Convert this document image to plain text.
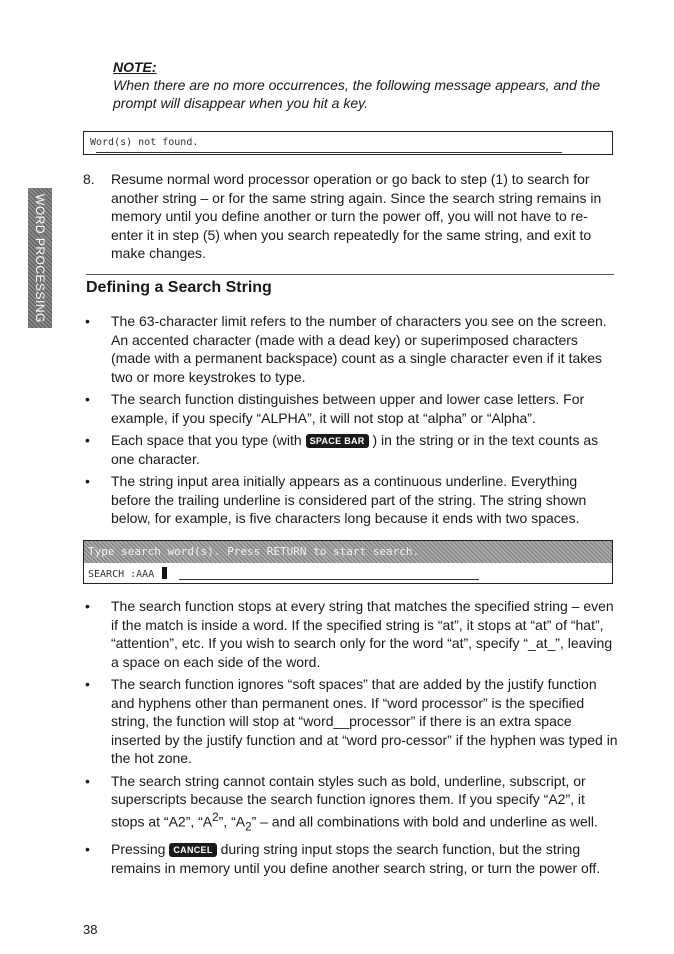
WORD PROCESSING
NOTE:
When there are no more occurrences, the following message appears, and the prompt will disappear when you hit a key.
Word(s) not found.
8. Resume normal word processor operation or go back to step (1) to search for another string – or for the same string again. Since the search string remains in memory until you define another or turn the power off, you will not have to re-enter it in step (5) when you search repeatedly for the same string, and exit to make changes.
Defining a Search String
• The 63-character limit refers to the number of characters you see on the screen. An accented character (made with a dead key) or superimposed characters (made with a permanent backspace) count as a single character even if it takes two or more keystrokes to type.
• The search function distinguishes between upper and lower case letters. For example, if you specify “ALPHA”, it will not stop at “alpha” or “Alpha”.
• Each space that you type (with SPACE BAR ) in the string or in the text counts as one character.
• The string input area initially appears as a continuous underline. Everything before the trailing underline is considered part of the string. The string shown below, for example, is five characters long because it ends with two spaces.
Type search word(s). Press RETURN to start search.
SEARCH :AAA
• The search function stops at every string that matches the specified string – even if the match is inside a word. If the specified string is “at”, it stops at “at” of “hat”, “attention”, etc. If you wish to search only for the word “at”, specify “_at_”, leaving a space on each side of the word.
• The search function ignores “soft spaces” that are added by the justify function and hyphens other than permanent ones. If “word processor” is the specified string, the function will stop at “word__processor” if there is an extra space inserted by the justify function and at “word pro-cessor” if the hyphen was typed in the hot zone.
• The search string cannot contain styles such as bold, underline, subscript, or superscripts because the search function ignores them. If you specify “A2”, it stops at “A2”, “$A^2$”, “$A_2$” – and all combinations with bold and underline as well.
• Pressing CANCEL during string input stops the search function, but the string remains in memory until you define another search string, or turn the power off.
38
